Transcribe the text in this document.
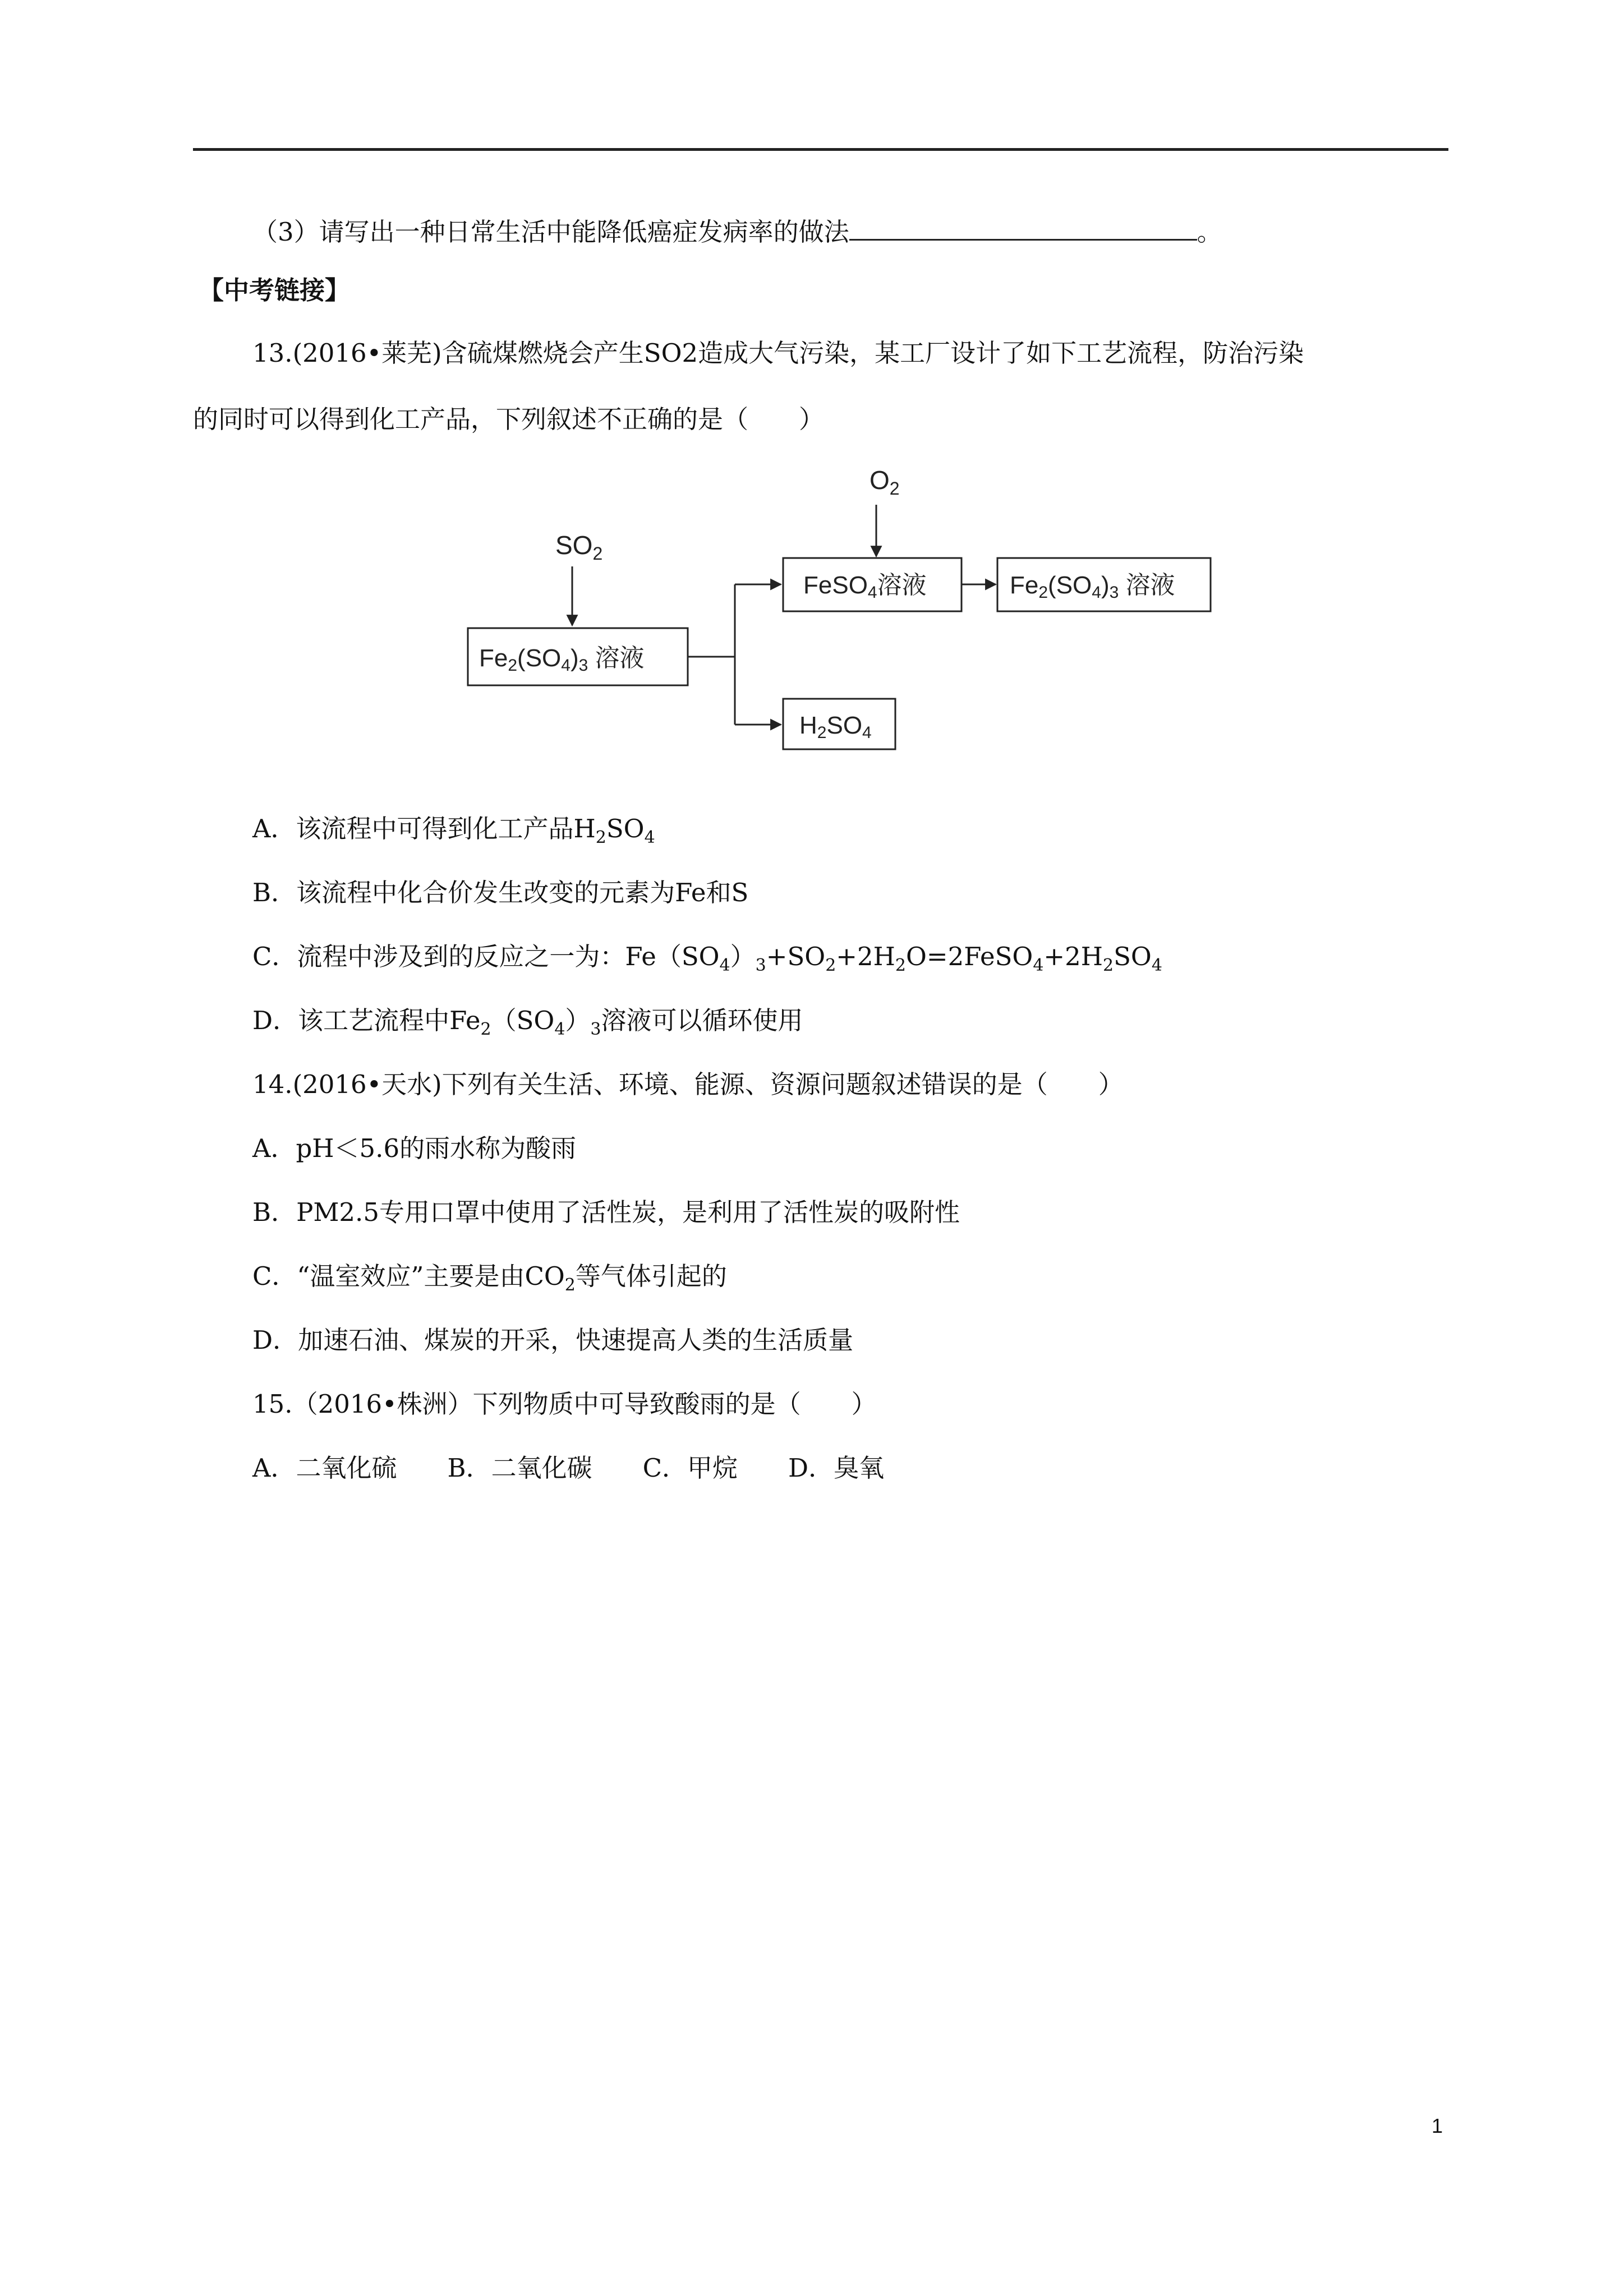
（3）请写出一种日常生活中能降低癌症发病率的做法	。
【中考链接】
13.(2016•莱芜)含硫煤燃烧会产生SO2造成大气污染，某工厂设计了如下工艺流程，防治污染
的同时可以得到化工产品，下列叙述不正确的是（ ）
$O_2$
$SO_2$
Fe2(SO4)3 溶液
FeSO4溶液	Fe2(SO4)3 溶液
H2SO4
A．该流程中可得到化工产品$H_2SO_4$
B．该流程中化合价发生改变的元素为Fe和S
C．流程中涉及到的反应之一为：$Fe(SO_4)_3+SO_2+2H_2O=2FeSO_4+2H_2SO_4$
D．该工艺流程中$Fe_2(SO_4)_3$溶液可以循环使用
14.(2016•天水)下列有关生活、环境、能源、资源问题叙述错误的是（ ）
A．pH＜5.6的雨水称为酸雨
B．PM2.5专用口罩中使用了活性炭，是利用了活性炭的吸附性
C．“温室效应”主要是由$CO_2$等气体引起的
D．加速石油、煤炭的开采，快速提高人类的生活质量
15.（2016•株洲）下列物质中可导致酸雨的是（ ）
A．二氧化硫 B．二氧化碳 C．甲烷 D．臭氧
1
